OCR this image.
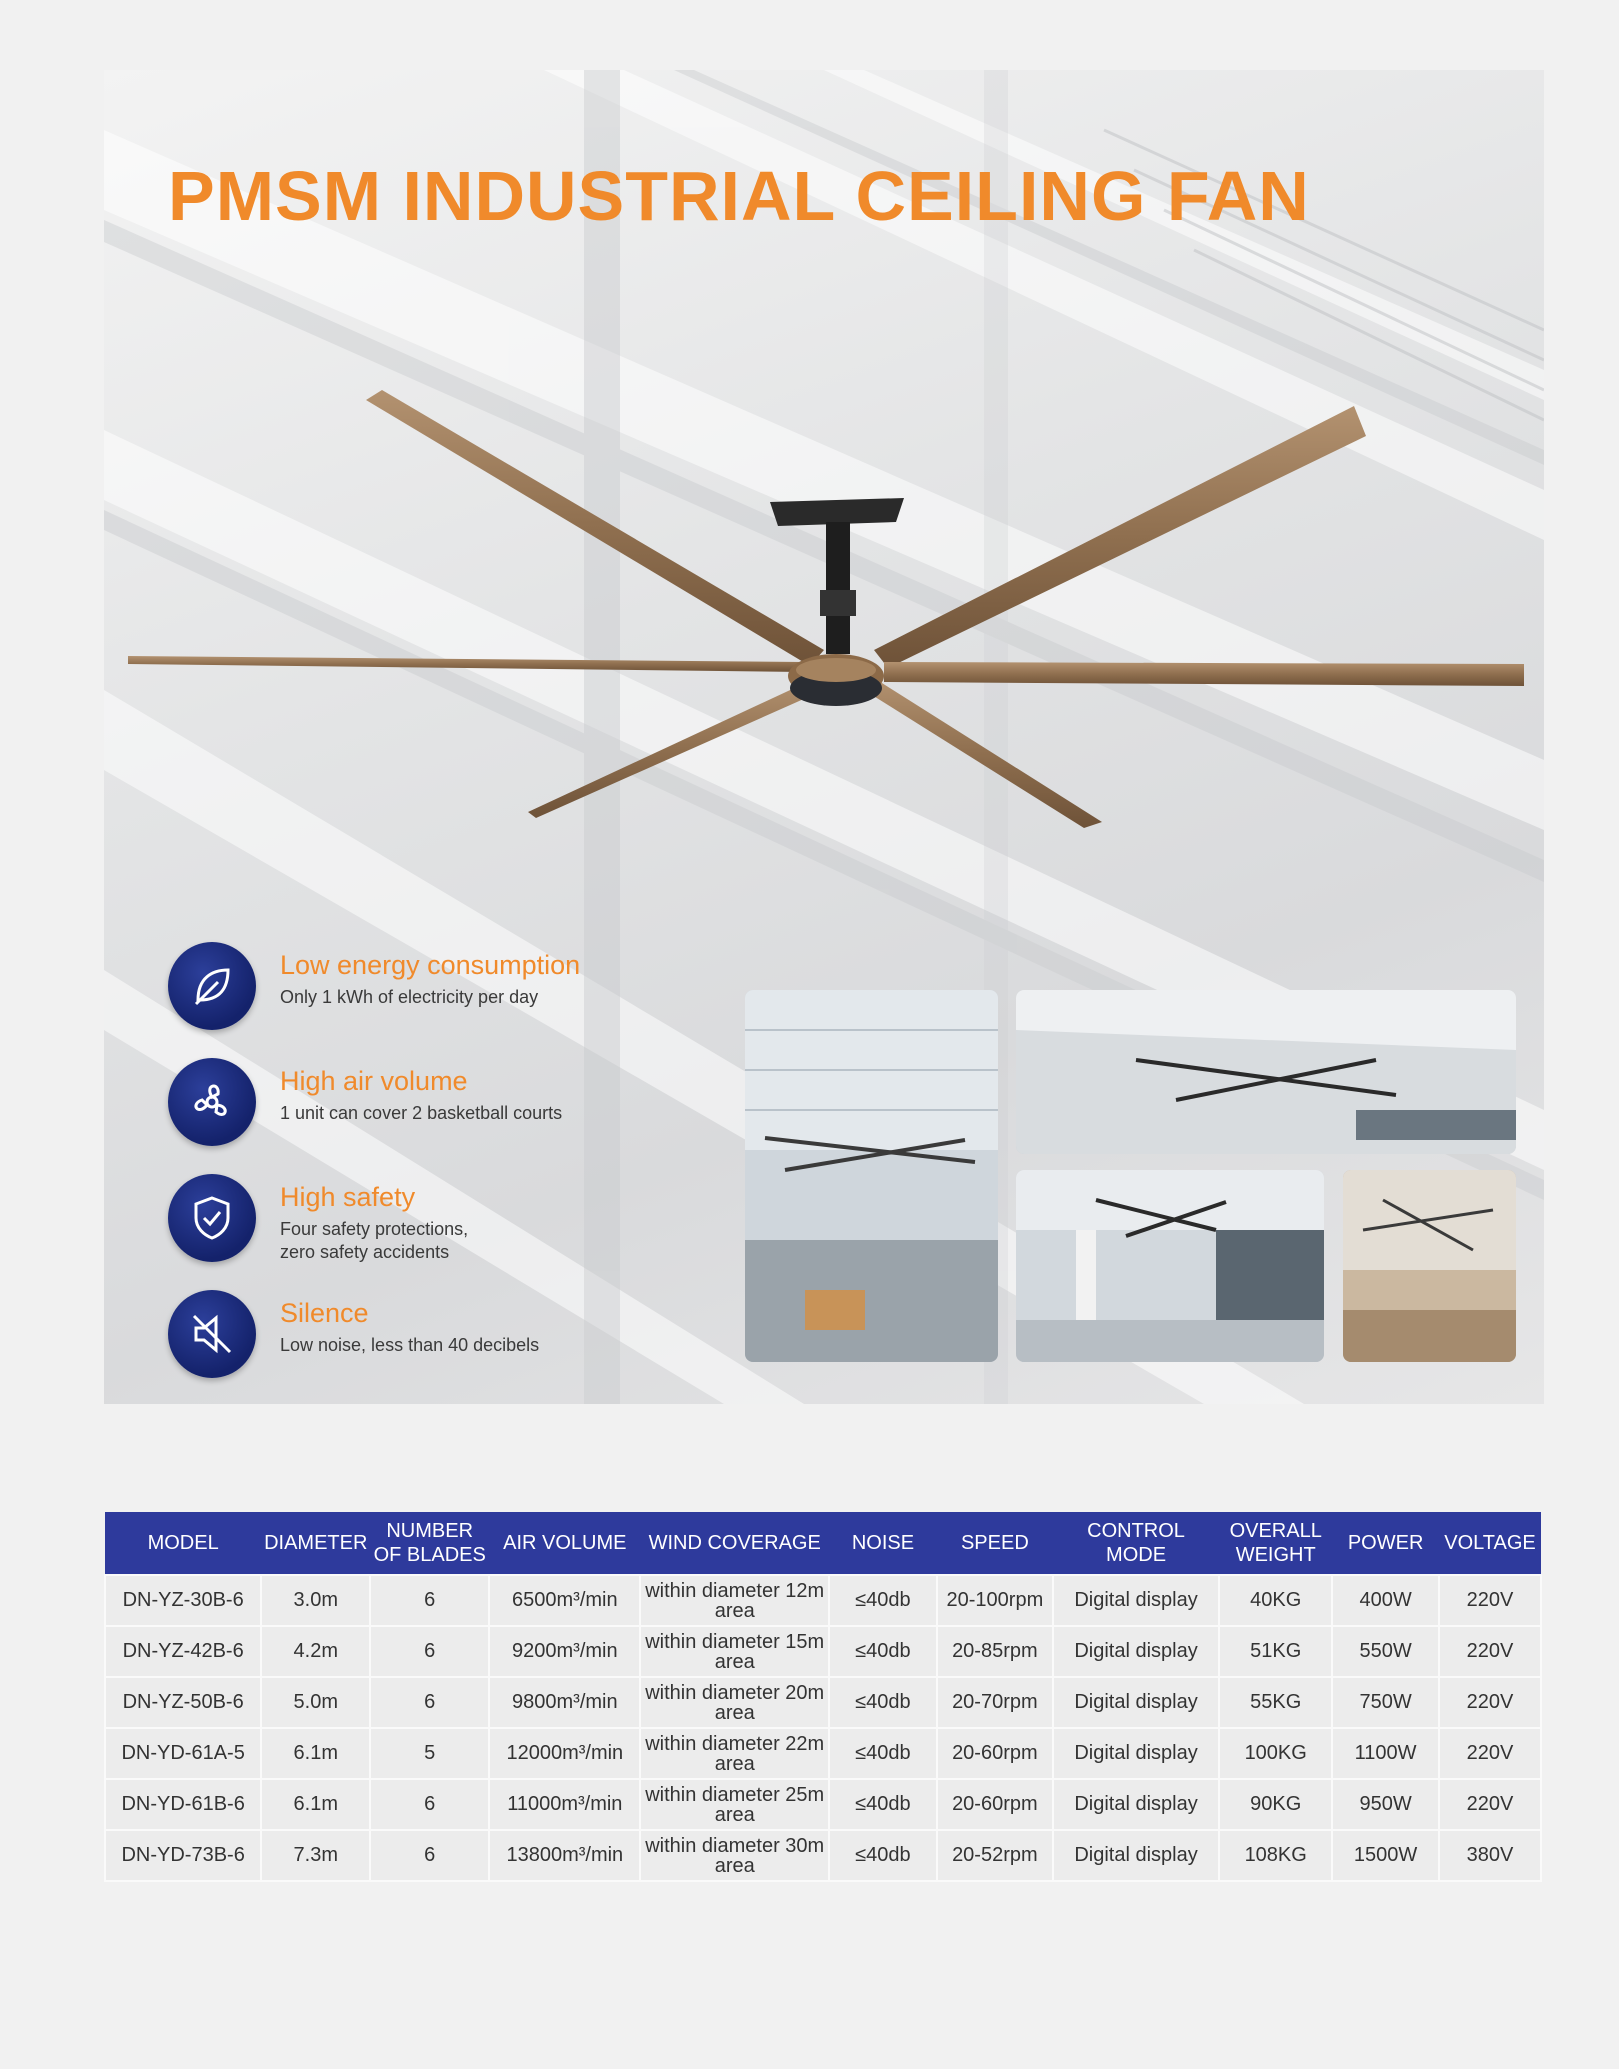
PMSM INDUSTRIAL CEILING FAN
Low energy consumption
Only 1 kWh of electricity per day
High air volume
1 unit can cover 2 basketball courts
High safety
Four safety protections,
zero safety accidents
Silence
Low noise, less than 40 decibels
MODEL	DIAMETER	NUMBER OF BLADES	AIR VOLUME	WIND COVERAGE	NOISE	SPEED	CONTROL MODE	OVERALL WEIGHT	POWER	VOLTAGE
DN-YZ-30B-6	3.0m	6	6500m³/min	within diameter 12m area	≤40db	20-100rpm	Digital display	40KG	400W	220V
DN-YZ-42B-6	4.2m	6	9200m³/min	within diameter 15m area	≤40db	20-85rpm	Digital display	51KG	550W	220V
DN-YZ-50B-6	5.0m	6	9800m³/min	within diameter 20m area	≤40db	20-70rpm	Digital display	55KG	750W	220V
DN-YD-61A-5	6.1m	5	12000m³/min	within diameter 22m area	≤40db	20-60rpm	Digital display	100KG	1100W	220V
DN-YD-61B-6	6.1m	6	11000m³/min	within diameter 25m area	≤40db	20-60rpm	Digital display	90KG	950W	220V
DN-YD-73B-6	7.3m	6	13800m³/min	within diameter 30m area	≤40db	20-52rpm	Digital display	108KG	1500W	380V
